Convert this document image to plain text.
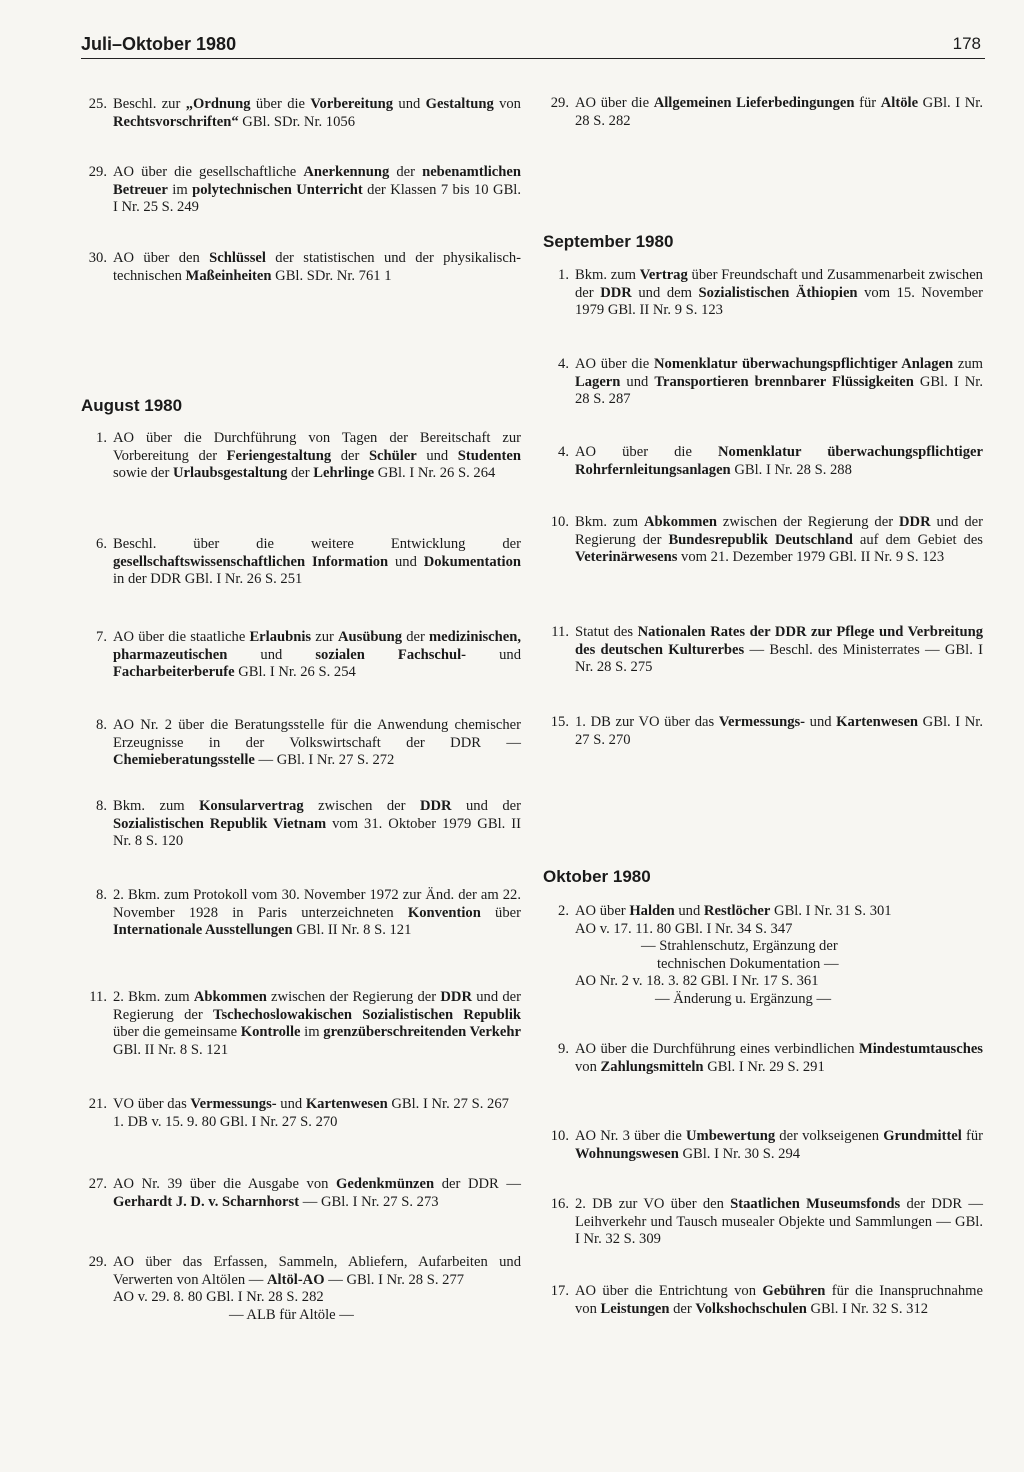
Juli–Oktober 1980	178
25. Beschl. zur „Ordnung über die Vorbereitung und Gestaltung von Rechtsvorschriften“ GBl. SDr. Nr. 1056
29. AO über die gesellschaftliche Anerkennung der nebenamtlichen Betreuer im polytechnischen Unterricht der Klassen 7 bis 10 GBl. I Nr. 25 S. 249
30. AO über den Schlüssel der statistischen und der physikalisch-technischen Maßeinheiten GBl. SDr. Nr. 761 1
August 1980
1. AO über die Durchführung von Tagen der Bereitschaft zur Vorbereitung der Feriengestaltung der Schüler und Studenten sowie der Urlaubsgestaltung der Lehrlinge GBl. I Nr. 26 S. 264
6. Beschl. über die weitere Entwicklung der gesellschaftswissenschaftlichen Information und Dokumentation in der DDR GBl. I Nr. 26 S. 251
7. AO über die staatliche Erlaubnis zur Ausübung der medizinischen, pharmazeutischen und sozialen Fachschul- und Facharbeiterberufe GBl. I Nr. 26 S. 254
8. AO Nr. 2 über die Beratungsstelle für die Anwendung chemischer Erzeugnisse in der Volkswirtschaft der DDR — Chemieberatungsstelle — GBl. I Nr. 27 S. 272
8. Bkm. zum Konsularvertrag zwischen der DDR und der Sozialistischen Republik Vietnam vom 31. Oktober 1979 GBl. II Nr. 8 S. 120
8. 2. Bkm. zum Protokoll vom 30. November 1972 zur Änd. der am 22. November 1928 in Paris unterzeichneten Konvention über Internationale Ausstellungen GBl. II Nr. 8 S. 121
11. 2. Bkm. zum Abkommen zwischen der Regierung der DDR und der Regierung der Tschechoslowakischen Sozialistischen Republik über die gemeinsame Kontrolle im grenzüberschreitenden Verkehr GBl. II Nr. 8 S. 121
21. VO über das Vermessungs- und Kartenwesen GBl. I Nr. 27 S. 267
1. DB v. 15. 9. 80 GBl. I Nr. 27 S. 270
27. AO Nr. 39 über die Ausgabe von Gedenkmünzen der DDR — Gerhardt J. D. v. Scharnhorst — GBl. I Nr. 27 S. 273
29. AO über das Erfassen, Sammeln, Abliefern, Aufarbeiten und Verwerten von Altölen — Altöl-AO — GBl. I Nr. 28 S. 277
AO v. 29. 8. 80 GBl. I Nr. 28 S. 282
— ALB für Altöle —
29. AO über die Allgemeinen Lieferbedingungen für Altöle GBl. I Nr. 28 S. 282
September 1980
1. Bkm. zum Vertrag über Freundschaft und Zusammenarbeit zwischen der DDR und dem Sozialistischen Äthiopien vom 15. November 1979 GBl. II Nr. 9 S. 123
4. AO über die Nomenklatur überwachungspflichtiger Anlagen zum Lagern und Transportieren brennbarer Flüssigkeiten GBl. I Nr. 28 S. 287
4. AO über die Nomenklatur überwachungspflichtiger Rohrfernleitungsanlagen GBl. I Nr. 28 S. 288
10. Bkm. zum Abkommen zwischen der Regierung der DDR und der Regierung der Bundesrepublik Deutschland auf dem Gebiet des Veterinärwesens vom 21. Dezember 1979 GBl. II Nr. 9 S. 123
11. Statut des Nationalen Rates der DDR zur Pflege und Verbreitung des deutschen Kulturerbes — Beschl. des Ministerrates — GBl. I Nr. 28 S. 275
15. 1. DB zur VO über das Vermessungs- und Kartenwesen GBl. I Nr. 27 S. 270
Oktober 1980
2. AO über Halden und Restlöcher GBl. I Nr. 31 S. 301
AO v. 17. 11. 80 GBl. I Nr. 34 S. 347
— Strahlenschutz, Ergänzung der
technischen Dokumentation —
AO Nr. 2 v. 18. 3. 82 GBl. I Nr. 17 S. 361
— Änderung u. Ergänzung —
9. AO über die Durchführung eines verbindlichen Mindestumtausches von Zahlungsmitteln GBl. I Nr. 29 S. 291
10. AO Nr. 3 über die Umbewertung der volkseigenen Grundmittel für Wohnungswesen GBl. I Nr. 30 S. 294
16. 2. DB zur VO über den Staatlichen Museumsfonds der DDR — Leihverkehr und Tausch musealer Objekte und Sammlungen — GBl. I Nr. 32 S. 309
17. AO über die Entrichtung von Gebühren für die Inanspruchnahme von Leistungen der Volkshochschulen GBl. I Nr. 32 S. 312
